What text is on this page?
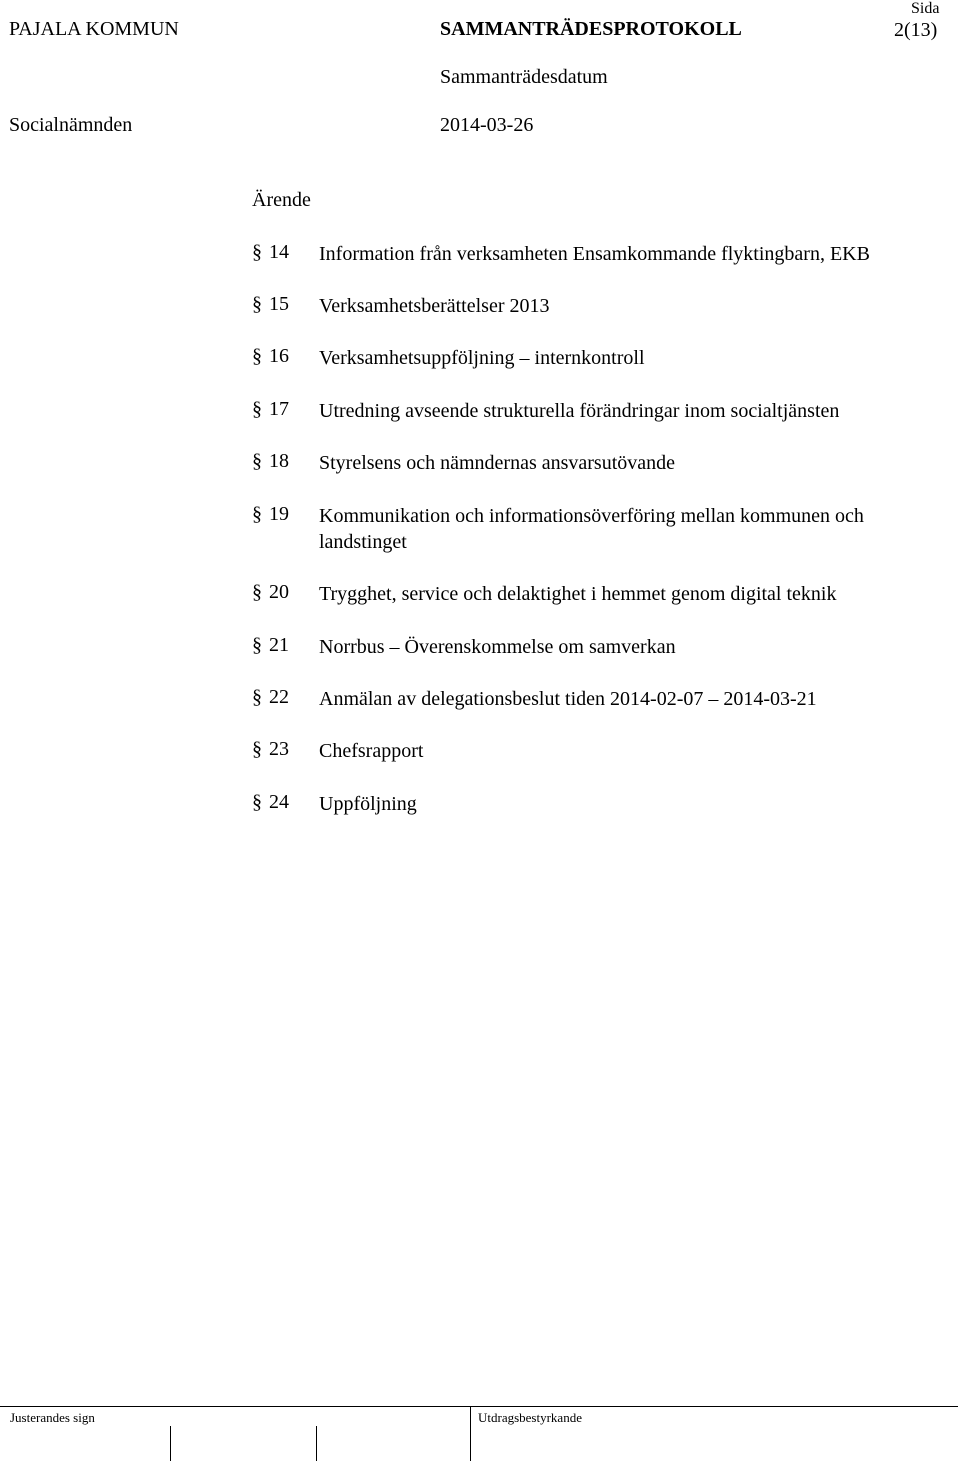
PAJALA KOMMUN	SAMMANTRÄDESPROTOKOLL
Sida
2(13)
Sammanträdesdatum
Socialnämnden	2014-03-26
Ärende
§ 14 Information från verksamheten Ensamkommande flyktingbarn, EKB
§ 15 Verksamhetsberättelser 2013
§ 16 Verksamhetsuppföljning – internkontroll
§ 17 Utredning avseende strukturella förändringar inom socialtjänsten
§ 18 Styrelsens och nämndernas ansvarsutövande
§ 19 Kommunikation och informationsöverföring mellan kommunen och landstinget
§ 20 Trygghet, service och delaktighet i hemmet genom digital teknik
§ 21 Norrbus – Överenskommelse om samverkan
§ 22 Anmälan av delegationsbeslut tiden 2014-02-07 – 2014-03-21
§ 23 Chefsrapport
§ 24 Uppföljning
Justerandes sign	Utdragsbestyrkande
